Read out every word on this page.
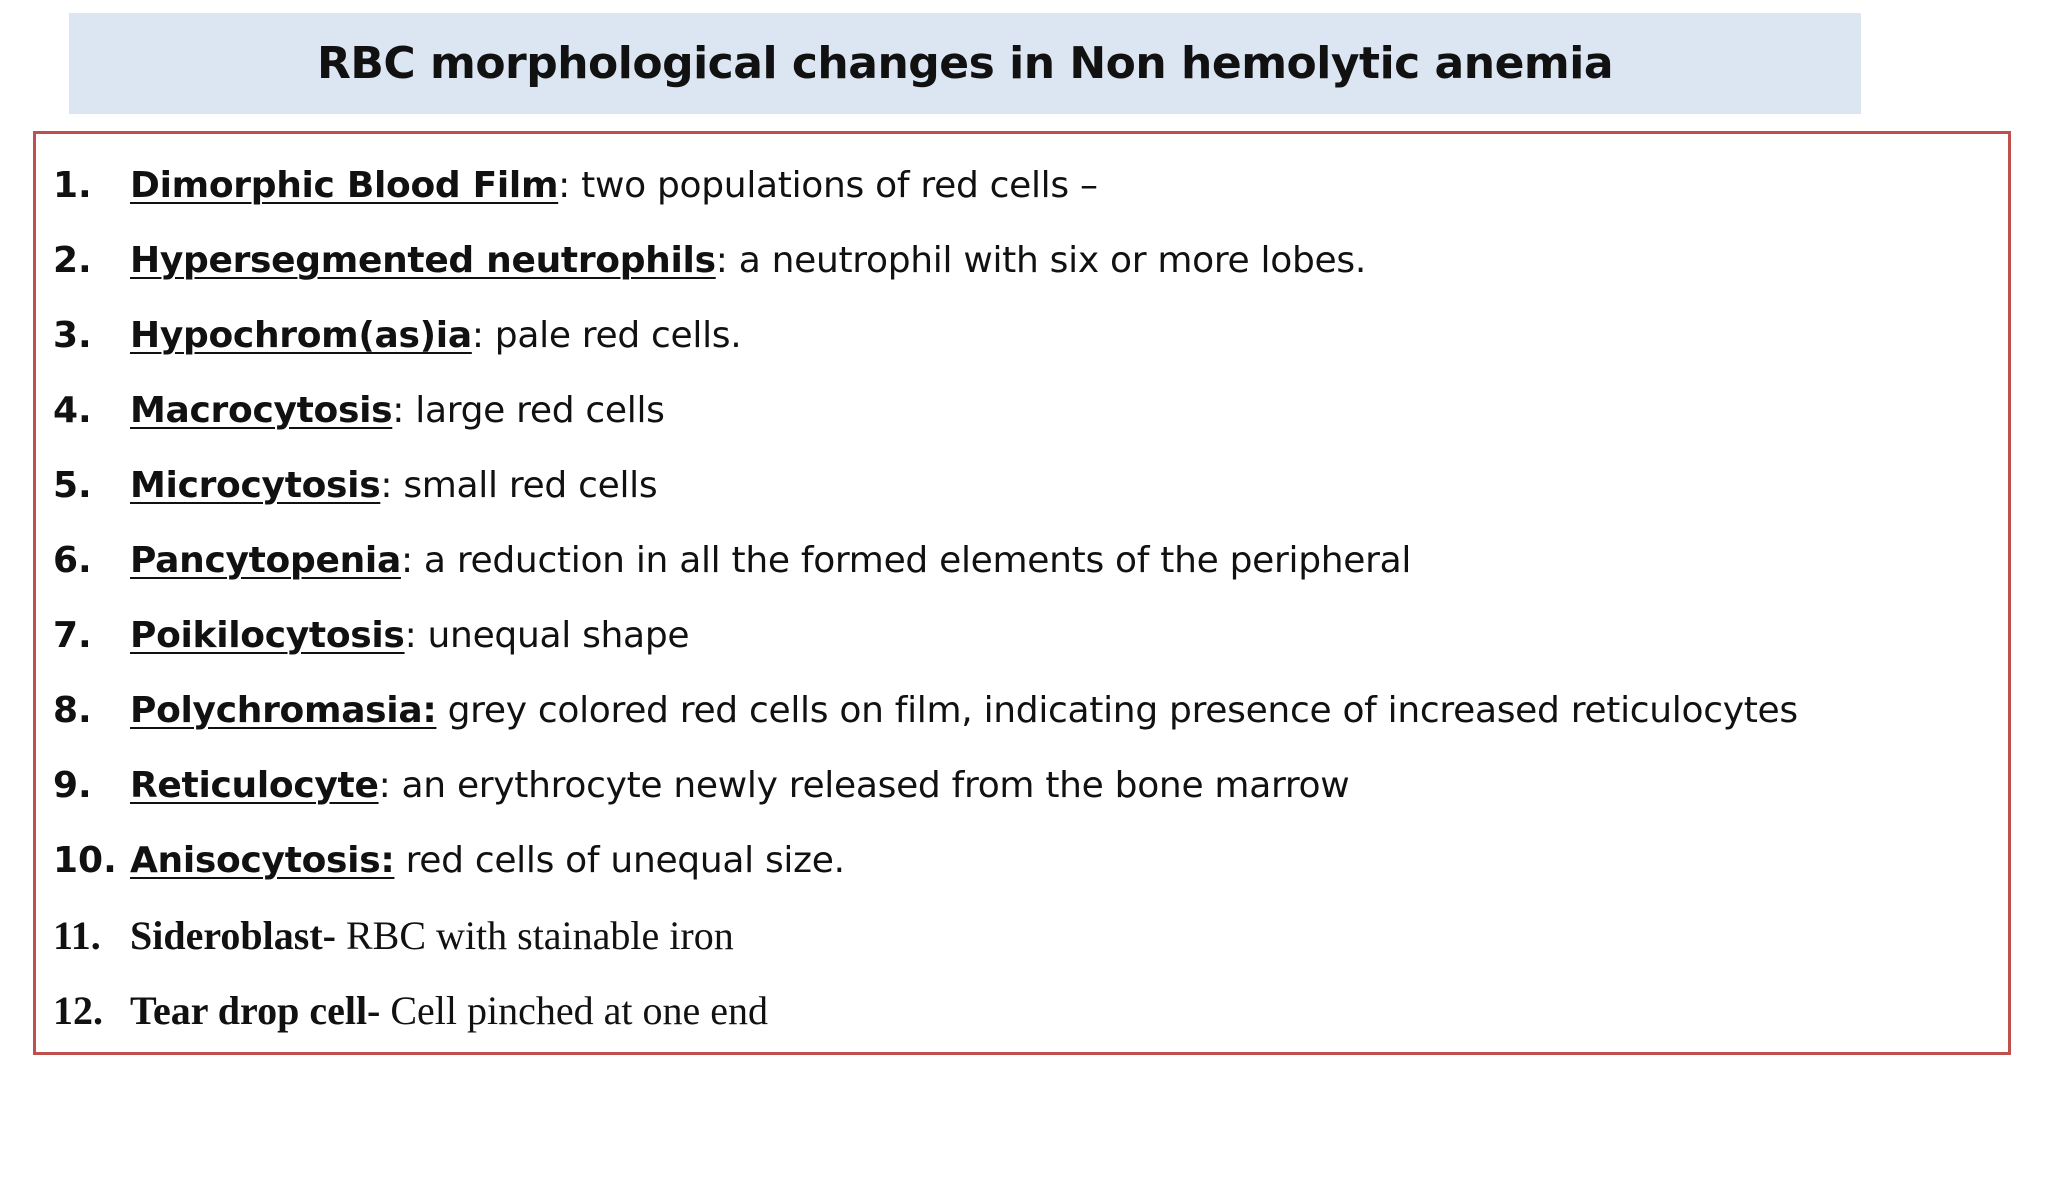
RBC morphological changes in Non hemolytic anemia
1.	Dimorphic Blood Film: two populations of red cells –
2.	Hypersegmented neutrophils: a neutrophil with six or more lobes.
3.	Hypochrom(as)ia: pale red cells.
4.	Macrocytosis: large red cells
5.	Microcytosis: small red cells
6.	Pancytopenia: a reduction in all the formed elements of the peripheral
7.	Poikilocytosis: unequal shape
8.	Polychromasia: grey colored red cells on film, indicating presence of increased reticulocytes
9.	Reticulocyte: an erythrocyte newly released from the bone marrow
10. Anisocytosis: red cells of unequal size.
11. Sideroblast- RBC with stainable iron
12. Tear drop cell- Cell pinched at one end
